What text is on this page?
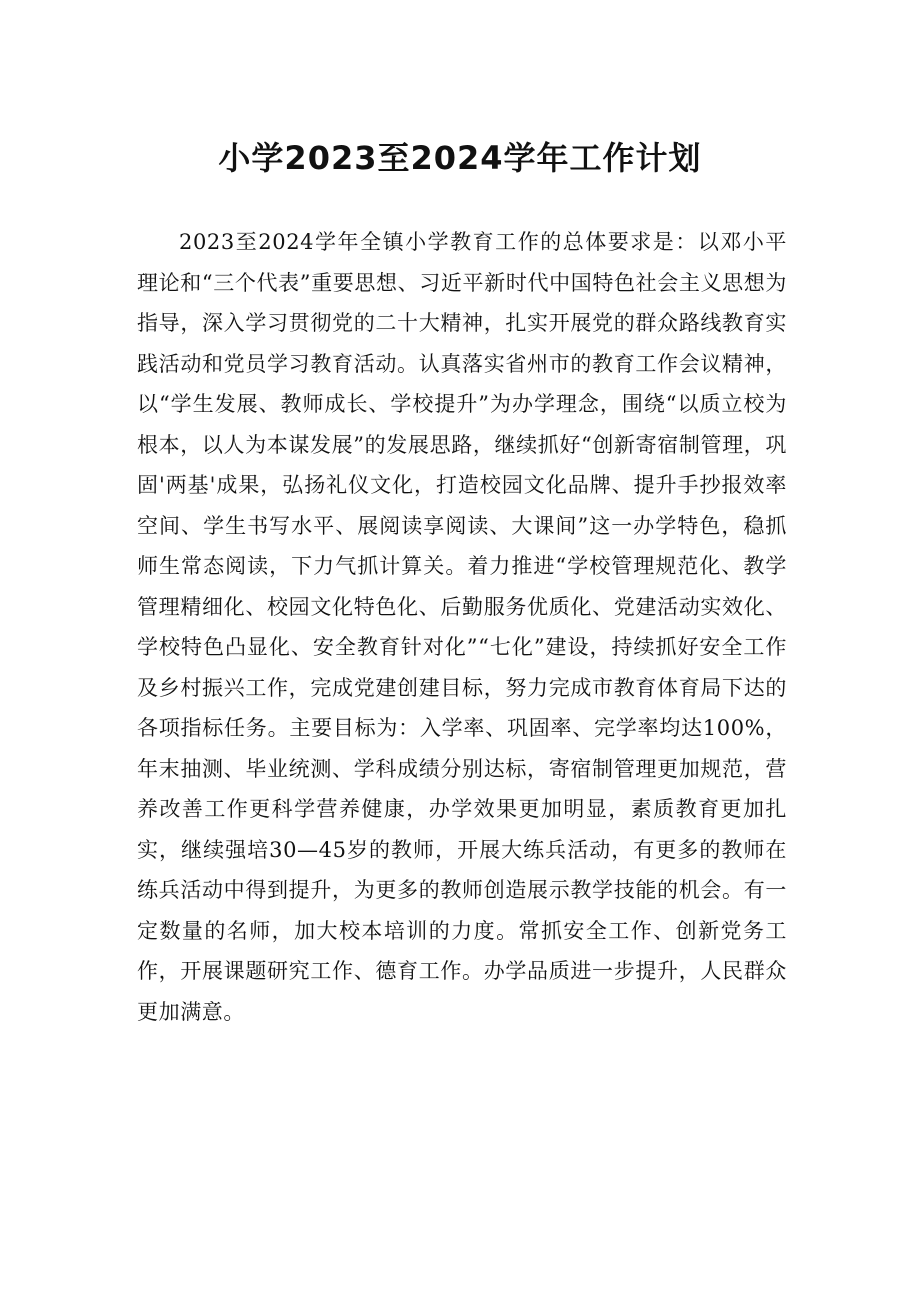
小学2023至2024学年工作计划

2023至2024学年全镇小学教育工作的总体要求是：以邓小平理论和“三个代表”重要思想、习近平新时代中国特色社会主义思想为指导，深入学习贯彻党的二十大精神，扎实开展党的群众路线教育实践活动和党员学习教育活动。认真落实省州市的教育工作会议精神，以“学生发展、教师成长、学校提升”为办学理念，围绕“以质立校为根本，以人为本谋发展”的发展思路，继续抓好“创新寄宿制管理，巩固'两基'成果，弘扬礼仪文化，打造校园文化品牌、提升手抄报效率空间、学生书写水平、展阅读享阅读、大课间”这一办学特色，稳抓师生常态阅读，下力气抓计算关。着力推进“学校管理规范化、教学管理精细化、校园文化特色化、后勤服务优质化、党建活动实效化、学校特色凸显化、安全教育针对化”“七化”建设，持续抓好安全工作及乡村振兴工作，完成党建创建目标，努力完成市教育体育局下达的各项指标任务。主要目标为：入学率、巩固率、完学率均达100%，年末抽测、毕业统测、学科成绩分别达标，寄宿制管理更加规范，营养改善工作更科学营养健康，办学效果更加明显，素质教育更加扎实，继续强培30—45岁的教师，开展大练兵活动，有更多的教师在练兵活动中得到提升，为更多的教师创造展示教学技能的机会。有一定数量的名师，加大校本培训的力度。常抓安全工作、创新党务工作，开展课题研究工作、德育工作。办学品质进一步提升，人民群众更加满意。
